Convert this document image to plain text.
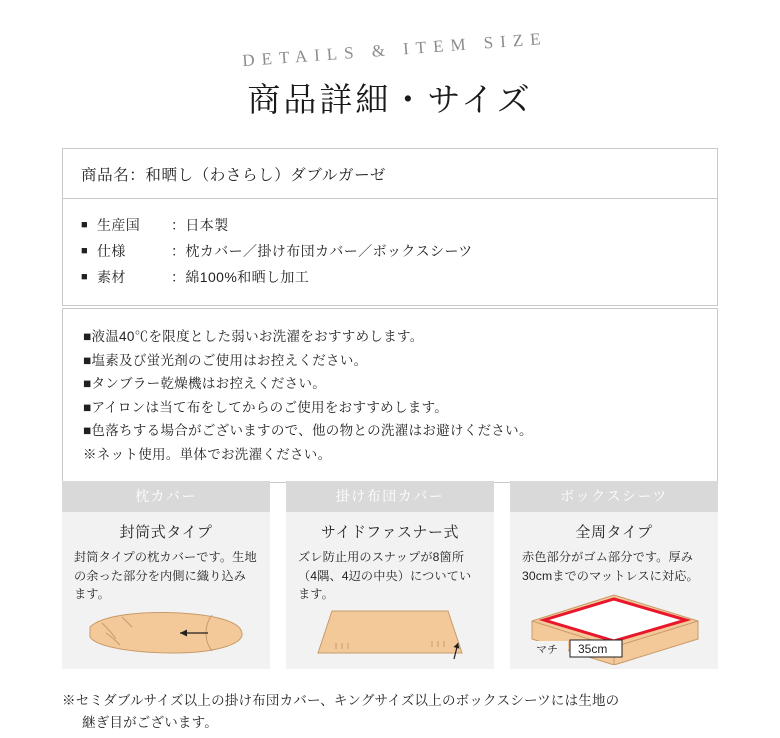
DETAILS & ITEM SIZE
商品詳細・サイズ
商品名：和晒し（わさらし）ダブルガーゼ
■ 生産国	：日本製
■ 仕様	：枕カバー／掛け布団カバー／ボックスシーツ
■ 素材	：綿100%和晒し加工
■液温40℃を限度とした弱いお洗濯をおすすめします。
■塩素及び蛍光剤のご使用はお控えください。
■タンブラー乾燥機はお控えください。
■アイロンは当て布をしてからのご使用をおすすめします。
■色落ちする場合がございますので、他の物との洗濯はお避けください。
※ネット使用。単体でお洗濯ください。
枕カバー
封筒式タイプ
封筒タイプの枕カバーです。生地の余った部分を内側に織り込みます。
掛け布団カバー
サイドファスナー式
ズレ防止用のスナップが8箇所（4隅、4辺の中央）についています。
ボックスシーツ
全周タイプ
赤色部分がゴム部分です。厚み30cmまでのマットレスに対応。
マチ 35cm
※セミダブルサイズ以上の掛け布団カバー、キングサイズ以上のボックスシーツには生地の
継ぎ目がございます。
